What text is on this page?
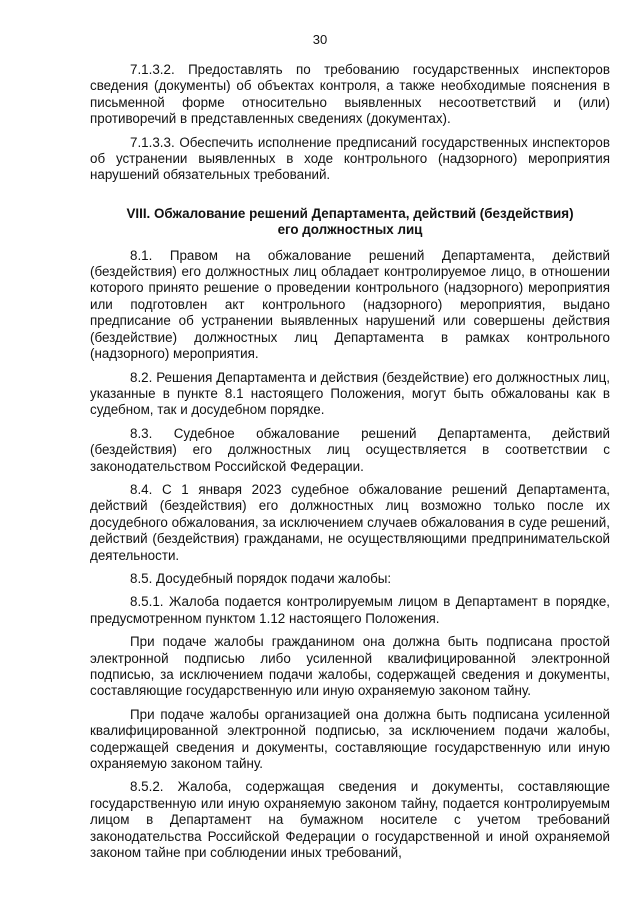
30

7.1.3.2. Предоставлять по требованию государственных инспекторов сведения (документы) об объектах контроля, а также необходимые пояснения в письменной форме относительно выявленных несоответствий и (или) противоречий в представленных сведениях (документах).

7.1.3.3. Обеспечить исполнение предписаний государственных инспекторов об устранении выявленных в ходе контрольного (надзорного) мероприятия нарушений обязательных требований.

VIII. Обжалование решений Департамента, действий (бездействия)
его должностных лиц

8.1. Правом на обжалование решений Департамента, действий (бездействия) его должностных лиц обладает контролируемое лицо, в отношении которого принято решение о проведении контрольного (надзорного) мероприятия или подготовлен акт контрольного (надзорного) мероприятия, выдано предписание об устранении выявленных нарушений или совершены действия (бездействие) должностных лиц Департамента в рамках контрольного (надзорного) мероприятия.

8.2. Решения Департамента и действия (бездействие) его должностных лиц, указанные в пункте 8.1 настоящего Положения, могут быть обжалованы как в судебном, так и досудебном порядке.

8.3. Судебное обжалование решений Департамента, действий (бездействия) его должностных лиц осуществляется в соответствии с законодательством Российской Федерации.

8.4. С 1 января 2023 судебное обжалование решений Департамента, действий (бездействия) его должностных лиц возможно только после их досудебного обжалования, за исключением случаев обжалования в суде решений, действий (бездействия) гражданами, не осуществляющими предпринимательской деятельности.

8.5. Досудебный порядок подачи жалобы:

8.5.1. Жалоба подается контролируемым лицом в Департамент в порядке, предусмотренном пунктом 1.12 настоящего Положения.

При подаче жалобы гражданином она должна быть подписана простой электронной подписью либо усиленной квалифицированной электронной подписью, за исключением подачи жалобы, содержащей сведения и документы, составляющие государственную или иную охраняемую законом тайну.

При подаче жалобы организацией она должна быть подписана усиленной квалифицированной электронной подписью, за исключением подачи жалобы, содержащей сведения и документы, составляющие государственную или иную охраняемую законом тайну.

8.5.2. Жалоба, содержащая сведения и документы, составляющие государственную или иную охраняемую законом тайну, подается контролируемым лицом в Департамент на бумажном носителе с учетом требований законодательства Российской Федерации о государственной и иной охраняемой законом тайне при соблюдении иных требований,
